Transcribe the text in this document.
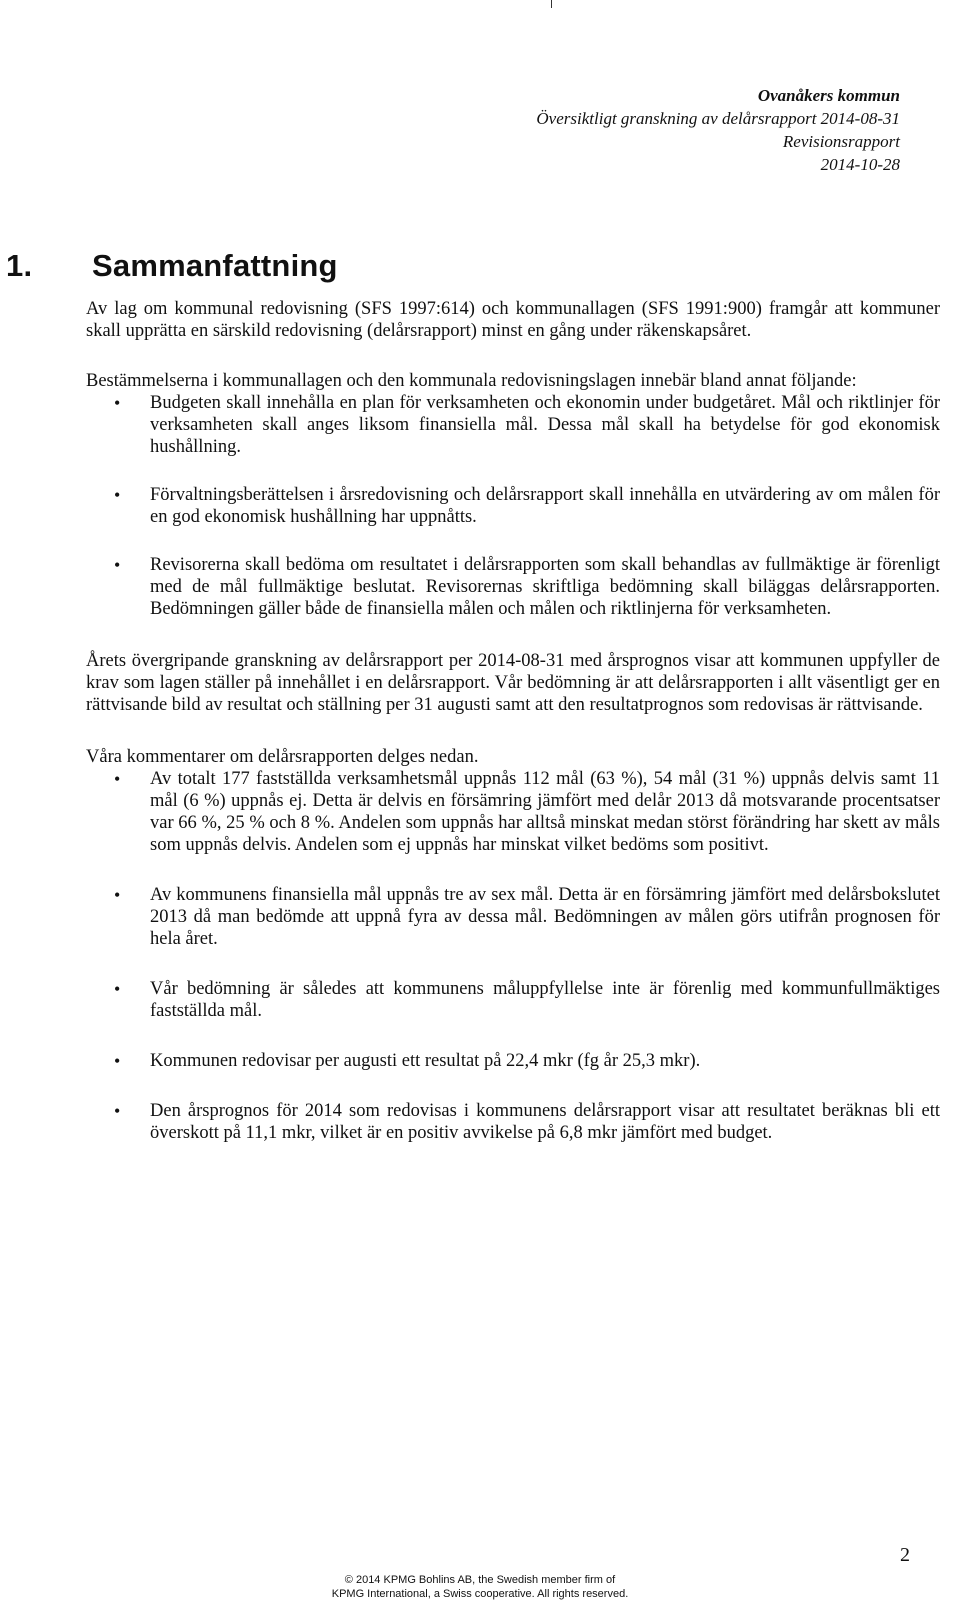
Ovanåkers kommun
Översiktligt granskning av delårsrapport 2014-08-31
Revisionsrapport
2014-10-28
1. Sammanfattning

Av lag om kommunal redovisning (SFS 1997:614) och kommunallagen (SFS 1991:900) framgår att kommuner skall upprätta en särskild redovisning (delårsrapport) minst en gång under räkenskapsåret.

Bestämmelserna i kommunallagen och den kommunala redovisningslagen innebär bland annat följande:

• Budgeten skall innehålla en plan för verksamheten och ekonomin under budgetåret. Mål och riktlinjer för verksamheten skall anges liksom finansiella mål. Dessa mål skall ha betydelse för god ekonomisk hushållning.
• Förvaltningsberättelsen i årsredovisning och delårsrapport skall innehålla en utvärdering av om målen för en god ekonomisk hushållning har uppnåtts.
• Revisorerna skall bedöma om resultatet i delårsrapporten som skall behandlas av fullmäktige är förenligt med de mål fullmäktige beslutat. Revisorernas skriftliga bedömning skall biläggas delårsrapporten. Bedömningen gäller både de finansiella målen och målen och riktlinjerna för verksamheten.

Årets övergripande granskning av delårsrapport per 2014-08-31 med årsprognos visar att kommunen uppfyller de krav som lagen ställer på innehållet i en delårsrapport. Vår bedömning är att delårsrapporten i allt väsentligt ger en rättvisande bild av resultat och ställning per 31 augusti samt att den resultatprognos som redovisas är rättvisande.

Våra kommentarer om delårsrapporten delges nedan.

• Av totalt 177 fastställda verksamhetsmål uppnås 112 mål (63 %), 54 mål (31 %) uppnås delvis samt 11 mål (6 %) uppnås ej. Detta är delvis en försämring jämfört med delår 2013 då motsvarande procentsatser var 66 %, 25 % och 8 %. Andelen som uppnås har alltså minskat medan störst förändring har skett av måls som uppnås delvis. Andelen som ej uppnås har minskat vilket bedöms som positivt.
• Av kommunens finansiella mål uppnås tre av sex mål. Detta är en försämring jämfört med delårsbokslutet 2013 då man bedömde att uppnå fyra av dessa mål. Bedömningen av målen görs utifrån prognosen för hela året.
• Vår bedömning är således att kommunens måluppfyllelse inte är förenlig med kommunfullmäktiges fastställda mål.
• Kommunen redovisar per augusti ett resultat på 22,4 mkr (fg år 25,3 mkr).
• Den årsprognos för 2014 som redovisas i kommunens delårsrapport visar att resultatet beräknas bli ett överskott på 11,1 mkr, vilket är en positiv avvikelse på 6,8 mkr jämfört med budget.
2
© 2014 KPMG Bohlins AB, the Swedish member firm of
KPMG International, a Swiss cooperative. All rights reserved.
